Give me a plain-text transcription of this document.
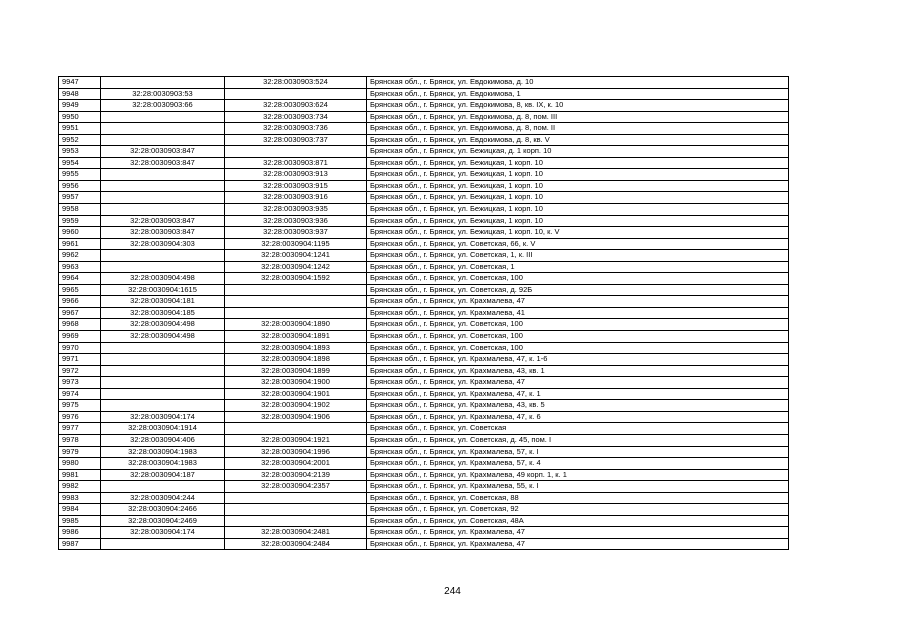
9947		32:28:0030903:524	Брянская обл., г. Брянск, ул. Евдокимова, д. 10
9948	32:28:0030903:53		Брянская обл., г. Брянск, ул. Евдокимова, 1
9949	32:28:0030903:66	32:28:0030903:624	Брянская обл., г. Брянск, ул. Евдокимова, 8, кв. IX, к. 10
9950		32:28:0030903:734	Брянская обл., г. Брянск, ул. Евдокимова, д. 8, пом. III
9951		32:28:0030903:736	Брянская обл., г. Брянск, ул. Евдокимова, д. 8, пом. II
9952		32:28:0030903:737	Брянская обл., г. Брянск, ул. Евдокимова, д. 8, кв. V
9953	32:28:0030903:847		Брянская обл., г. Брянск, ул. Бежицкая, д. 1 корп. 10
9954	32:28:0030903:847	32:28:0030903:871	Брянская обл., г. Брянск, ул. Бежицкая, 1 корп. 10
9955		32:28:0030903:913	Брянская обл., г. Брянск, ул. Бежицкая, 1 корп. 10
9956		32:28:0030903:915	Брянская обл., г. Брянск, ул. Бежицкая, 1 корп. 10
9957		32:28:0030903:916	Брянская обл., г. Брянск, ул. Бежицкая, 1 корп. 10
9958		32:28:0030903:935	Брянская обл., г. Брянск, ул. Бежицкая, 1 корп. 10
9959	32:28:0030903:847	32:28:0030903:936	Брянская обл., г. Брянск, ул. Бежицкая, 1 корп. 10
9960	32:28:0030903:847	32:28:0030903:937	Брянская обл., г. Брянск, ул. Бежицкая, 1 корп. 10, к. V
9961	32:28:0030904:303	32:28:0030904:1195	Брянская обл., г. Брянск, ул. Советская, 66, к. V
9962		32:28:0030904:1241	Брянская обл., г. Брянск, ул. Советская, 1, к. III
9963		32:28:0030904:1242	Брянская обл., г. Брянск, ул. Советская, 1
9964	32:28:0030904:498	32:28:0030904:1592	Брянская обл., г. Брянск, ул. Советская, 100
9965	32:28:0030904:1615		Брянская обл., г. Брянск, ул. Советская, д. 92Б
9966	32:28:0030904:181		Брянская обл., г. Брянск, ул. Крахмалева, 47
9967	32:28:0030904:185		Брянская обл., г. Брянск, ул. Крахмалева, 41
9968	32:28:0030904:498	32:28:0030904:1890	Брянская обл., г. Брянск, ул. Советская, 100
9969	32:28:0030904:498	32:28:0030904:1891	Брянская обл., г. Брянск, ул. Советская, 100
9970		32:28:0030904:1893	Брянская обл., г. Брянск, ул. Советская, 100
9971		32:28:0030904:1898	Брянская обл., г. Брянск, ул. Крахмалева, 47, к. 1-6
9972		32:28:0030904:1899	Брянская обл., г. Брянск, ул. Крахмалева, 43, кв. 1
9973		32:28:0030904:1900	Брянская обл., г. Брянск, ул. Крахмалева, 47
9974		32:28:0030904:1901	Брянская обл., г. Брянск, ул. Крахмалева, 47, к. 1
9975		32:28:0030904:1902	Брянская обл., г. Брянск, ул. Крахмалева, 43, кв. 5
9976	32:28:0030904:174	32:28:0030904:1906	Брянская обл., г. Брянск, ул. Крахмалева, 47, к. 6
9977	32:28:0030904:1914		Брянская обл., г. Брянск, ул. Советская
9978	32:28:0030904:406	32:28:0030904:1921	Брянская обл., г. Брянск, ул. Советская, д. 45, пом. I
9979	32:28:0030904:1983	32:28:0030904:1996	Брянская обл., г. Брянск, ул. Крахмалева, 57, к. I
9980	32:28:0030904:1983	32:28:0030904:2001	Брянская обл., г. Брянск, ул. Крахмалева, 57, к. 4
9981	32:28:0030904:187	32:28:0030904:2139	Брянская обл., г. Брянск, ул. Крахмалева, 49 корп. 1, к. 1
9982		32:28:0030904:2357	Брянская обл., г. Брянск, ул. Крахмалева, 55, к. I
9983	32:28:0030904:244		Брянская обл., г. Брянск, ул. Советская, 88
9984	32:28:0030904:2466		Брянская обл., г. Брянск, ул. Советская, 92
9985	32:28:0030904:2469		Брянская обл., г. Брянск, ул. Советская, 48А
9986	32:28:0030904:174	32:28:0030904:2481	Брянская обл., г. Брянск, ул. Крахмалева, 47
9987		32:28:0030904:2484	Брянская обл., г. Брянск, ул. Крахмалева, 47
244
